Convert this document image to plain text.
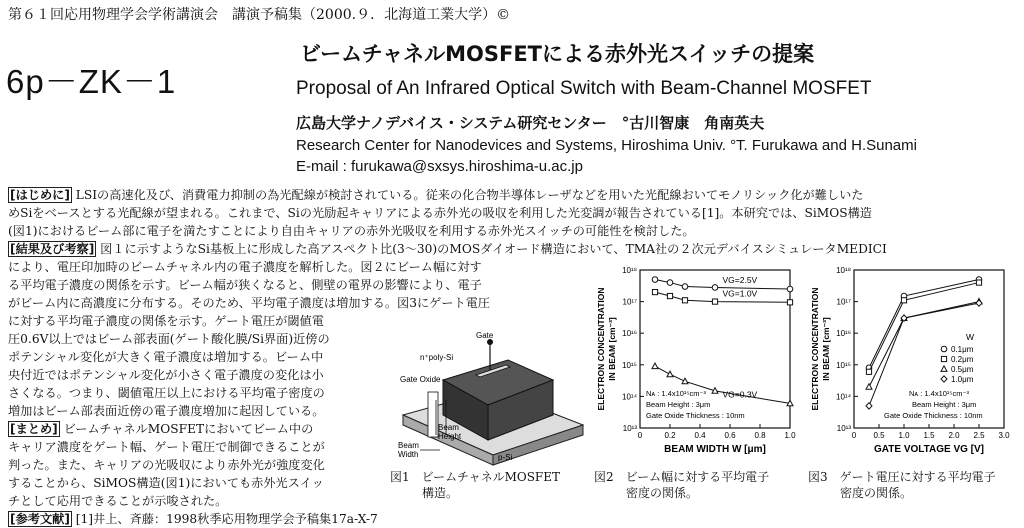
第６１回応用物理学会学術講演会　講演予稿集（2000.９．北海道工業大学）©
6p－ZK－1
ビームチャネルMOSFETによる赤外光スイッチの提案
Proposal of An Infrared Optical Switch with Beam-Channel MOSFET
広島大学ナノデバイス・システム研究センター　°古川智康　角南英夫
Research Center for Nanodevices and Systems, Hiroshima Univ. °T. Furukawa and H.Sunami
E-mail : furukawa@sxsys.hiroshima-u.ac.jp
[はじめに] LSIの高速化及び、消費電力抑制の為光配線が検討されている。従来の化合物半導体レーザなどを用いた光配線おいてモノリシック化が難しいた
めSiをベースとする光配線が望まれる。これまで、Siの光励起キャリアによる赤外光の吸収を利用した光変調が報告されている[1]。本研究では、SiMOS構造
(図1)におけるビーム部に電子を満たすことにより自由キャリアの赤外光吸収を利用する赤外光スイッチの可能性を検討した。
[結果及び考察] 図１に示すようなSi基板上に形成した高アスペクト比(3～30)のMOSダイオード構造において、TMA社の２次元デバイスシミュレータMEDICI
により、電圧印加時のビームチャネル内の電子濃度を解析した。図２にビーム幅に対す
る平均電子濃度の関係を示す。ビーム幅が狭くなると、側壁の電界の影響により、電子
がビーム内に高濃度に分布する。そのため、平均電子濃度は増加する。図3にゲート電圧
に対する平均電子濃度の関係を示す。ゲート電圧が閾値電
圧0.6V以上ではビーム部表面(ゲート酸化膜/Si界面)近傍の
ポテンシャル変化が大きく電子濃度は増加する。ビーム中
央付近ではポテンシャル変化が小さく電子濃度の変化は小
さくなる。つまり、閾値電圧以上における平均電子密度の
増加はビーム部表面近傍の電子濃度増加に起因している。
[まとめ] ビームチャネルMOSFETにおいてビーム中の
キャリア濃度をゲート幅、ゲート電圧で制御できることが
判った。また、キャリアの光吸収により赤外光が強度変化
することから、SiMOS構造(図1)においても赤外光スイッ
チとして応用できることが示唆された。
[参考文献] [1]井上、斉藤：1998秋季応用物理学会予稿集17a-X-7
Gate
n⁺poly-Si
Gate Oxide
Beam
Height
Beam
Width	p-Si
図1　 ビームチャネルMOSFET
構造。
10¹³
10¹⁴
10¹⁵
10¹⁶
10¹⁷
10¹⁸
0	0.2 0.4 0.6 0.8 1.0
BEAM WIDTH W [μm]
ELECTRON CONCENTRATION IN BEAM [cm⁻³]
VG=2.5V
VG=1.0V
VG=0.3V
Nᴀ : 1.4x10¹⁵cm⁻³
Beam Height : 3μm
Gate Oxide Thickness : 10nm
図2　 ビーム幅に対する平均電子
密度の関係。
10¹³
10¹⁴
10¹⁵
10¹⁶
10¹⁷
10¹⁸
0 0.5 1.0 1.5 2.0 2.5 3.0
GATE VOLTAGE VG [V]
ELECTRON CONCENTRATION IN BEAM [cm⁻³]	W
0.1μm
0.2μm
0.5μm
1.0μm
Nᴀ : 1.4x10¹⁵cm⁻³
Beam Height : 3μm
Gate Oxide Thickness : 10nm
図3　 ゲート電圧に対する平均電子
密度の関係。
